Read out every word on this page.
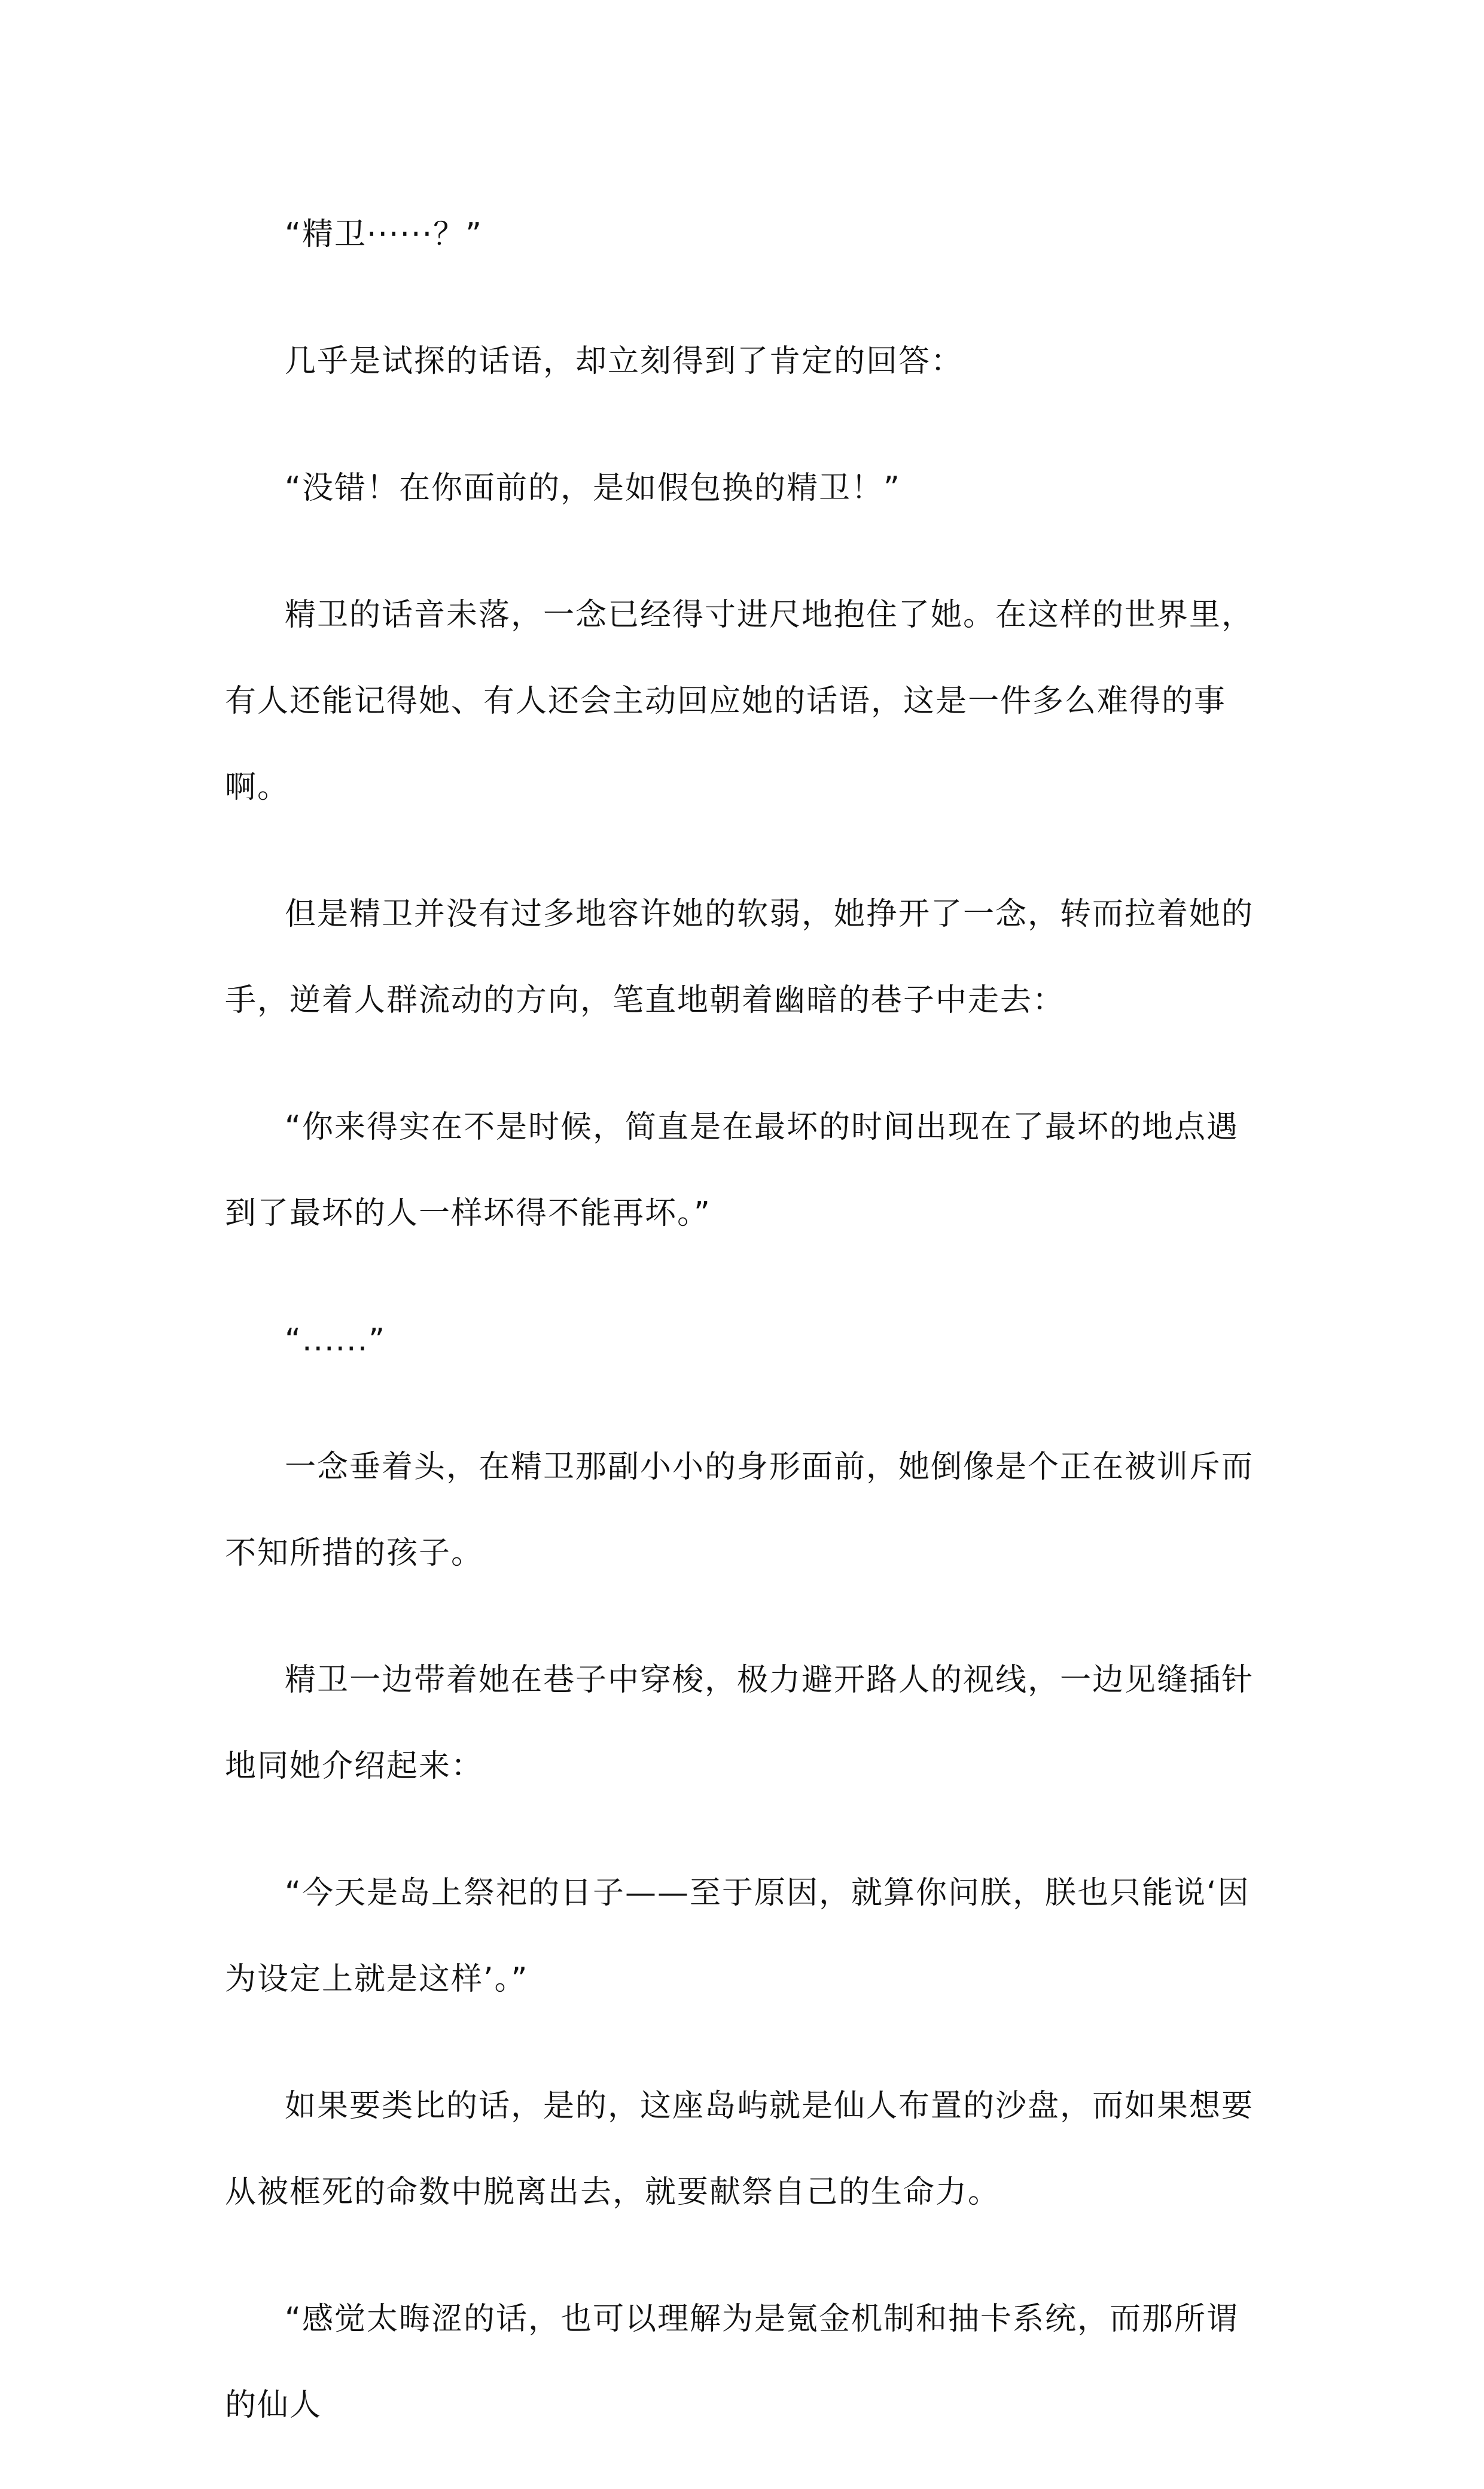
“精卫······？”

几乎是试探的话语，却立刻得到了肯定的回答：

“没错！在你面前的，是如假包换的精卫！”

精卫的话音未落，一念已经得寸进尺地抱住了她。在这样的世界里，有人还能记得她、有人还会主动回应她的话语，这是一件多么难得的事啊。

但是精卫并没有过多地容许她的软弱，她挣开了一念，转而拉着她的手，逆着人群流动的方向，笔直地朝着幽暗的巷子中走去：

“你来得实在不是时候，简直是在最坏的时间出现在了最坏的地点遇到了最坏的人一样坏得不能再坏。”

“......”

一念垂着头，在精卫那副小小的身形面前，她倒像是个正在被训斥而不知所措的孩子。

精卫一边带着她在巷子中穿梭，极力避开路人的视线，一边见缝插针地同她介绍起来：

“今天是岛上祭祀的日子——至于原因，就算你问朕，朕也只能说‘因为设定上就是这样’。”

如果要类比的话，是的，这座岛屿就是仙人布置的沙盘，而如果想要从被框死的命数中脱离出去，就要献祭自己的生命力。

“感觉太晦涩的话，也可以理解为是氪金机制和抽卡系统，而那所谓的仙人
